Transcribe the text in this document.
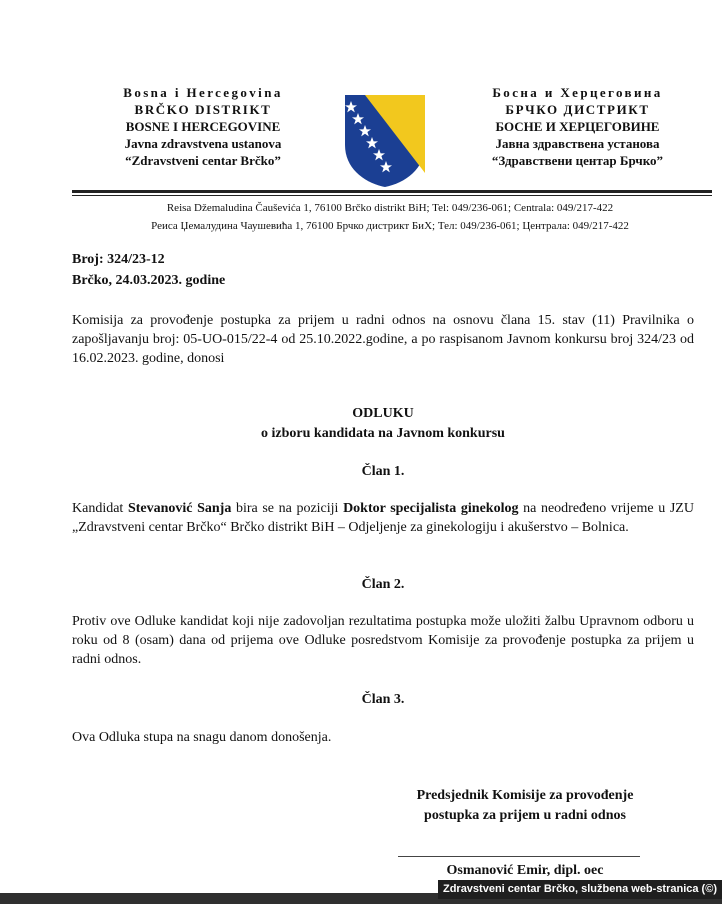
Bosna i Hercegovina
BRČKO DISTRIKT
BOSNE I HERCEGOVINE
Javna zdravstvena ustanova
“Zdravstveni centar Brčko”
Босна и Херцеговина
БРЧКО ДИСТРИКТ
БОСНЕ И ХЕРЦЕГОВИНЕ
Јавна здравствена установа
“Здравствени центар Брчко”
Reisa Džemaludina Čauševića 1, 76100 Brčko distrikt BiH; Tel: 049/236-061; Centrala: 049/217-422
Реиса Џемалудина Чаушевића 1, 76100 Брчко дистрикт БиХ; Тел: 049/236-061; Централа: 049/217-422
Broj: 324/23-12
Brčko, 24.03.2023. godine
Komisija za provođenje postupka za prijem u radni odnos na osnovu člana 15. stav (11) Pravilnika o zapošljavanju broj: 05-UO-015/22-4 od 25.10.2022.godine, a po raspisanom Javnom konkursu broj 324/23 od 16.02.2023. godine, donosi
ODLUKU
o izboru kandidata na Javnom konkursu
Član 1.
Kandidat Stevanović Sanja bira se na poziciji Doktor specijalista ginekolog na neodređeno vrijeme u JZU „Zdravstveni centar Brčko“ Brčko distrikt BiH – Odjeljenje za ginekologiju i akušerstvo – Bolnica.
Član 2.
Protiv ove Odluke kandidat koji nije zadovoljan rezultatima postupka može uložiti žalbu Upravnom odboru u roku od 8 (osam) dana od prijema ove Odluke posredstvom Komisije za provođenje postupka za prijem u radni odnos.
Član 3.
Ova Odluka stupa na snagu danom donošenja.
Predsjednik Komisije za provođenje
postupka za prijem u radni odnos
Osmanović Emir, dipl. oec
Zdravstveni centar Brčko, službena web-stranica (©)
